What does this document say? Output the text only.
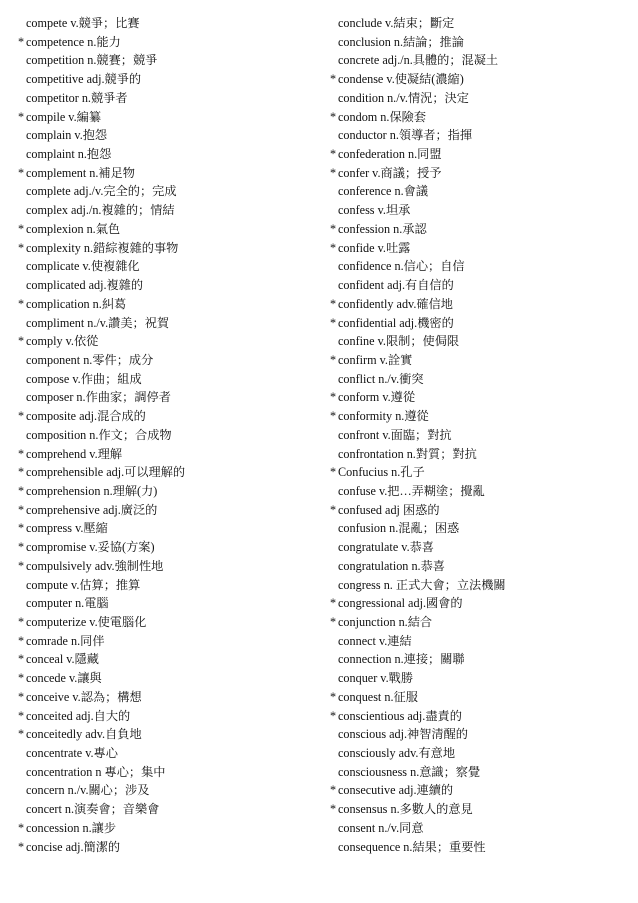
compete v.競爭；比賽
* competence n.能力
competition n.競賽；競爭
competitive adj.競爭的
competitor n.競爭者
* compile v.編纂
complain v.抱怨
complaint n.抱怨
* complement n.補足物
complete adj./v.完全的；完成
complex adj./n.複雜的；情結
* complexion n.氣色
* complexity n.錯綜複雜的事物
complicate v.使複雜化
complicated adj.複雜的
* complication n.糾葛
compliment n./v.讚美；祝賀
* comply v.依從
component n.零件；成分
compose v.作曲；組成
composer n.作曲家；調停者
* composite adj.混合成的
composition n.作文；合成物
* comprehend v.理解
* comprehensible adj.可以理解的
* comprehension n.理解(力)
* comprehensive adj.廣泛的
* compress v.壓縮
* compromise v.妥協(方案)
* compulsively adv.強制性地
compute v.估算；推算
computer n.電腦
* computerize v.使電腦化
* comrade n.同伴
* conceal v.隱藏
* concede v.讓與
* conceive v.認為；構想
* conceited adj.自大的
* conceitedly adv.自負地
concentrate v.專心
concentration n 專心；集中
concern n./v.關心；涉及
concert n.演奏會；音樂會
* concession n.讓步
* concise adj.簡潔的
conclude v.結束；斷定
conclusion n.結論；推論
concrete adj./n.具體的；混凝土
* condense v.使凝結(濃縮)
condition n./v.情況；決定
* condom n.保險套
conductor n.領導者；指揮
* confederation n.同盟
* confer v.商議；授予
conference n.會議
confess v.坦承
* confession n.承認
* confide v.吐露
confidence n.信心；自信
confident adj.有自信的
* confidently adv.確信地
* confidential adj.機密的
confine v.限制；使侷限
* confirm v.詮實
conflict n./v.衝突
* conform v.遵從
* conformity n.遵從
confront v.面臨；對抗
confrontation n.對質；對抗
* Confucius n.孔子
confuse v.把…弄糊塗；攪亂
* confused adj 困惑的
confusion n.混亂；困惑
congratulate v.恭喜
congratulation n.恭喜
congress n. 正式大會；立法機關
* congressional adj.國會的
* conjunction n.結合
connect v.連結
connection n.連接；關聯
conquer v.戰勝
* conquest n.征服
* conscientious adj.盡責的
conscious adj.神智清醒的
consciously adv.有意地
consciousness n.意識；察覺
* consecutive adj.連續的
* consensus n.多數人的意見
consent n./v.同意
consequence n.結果；重要性
